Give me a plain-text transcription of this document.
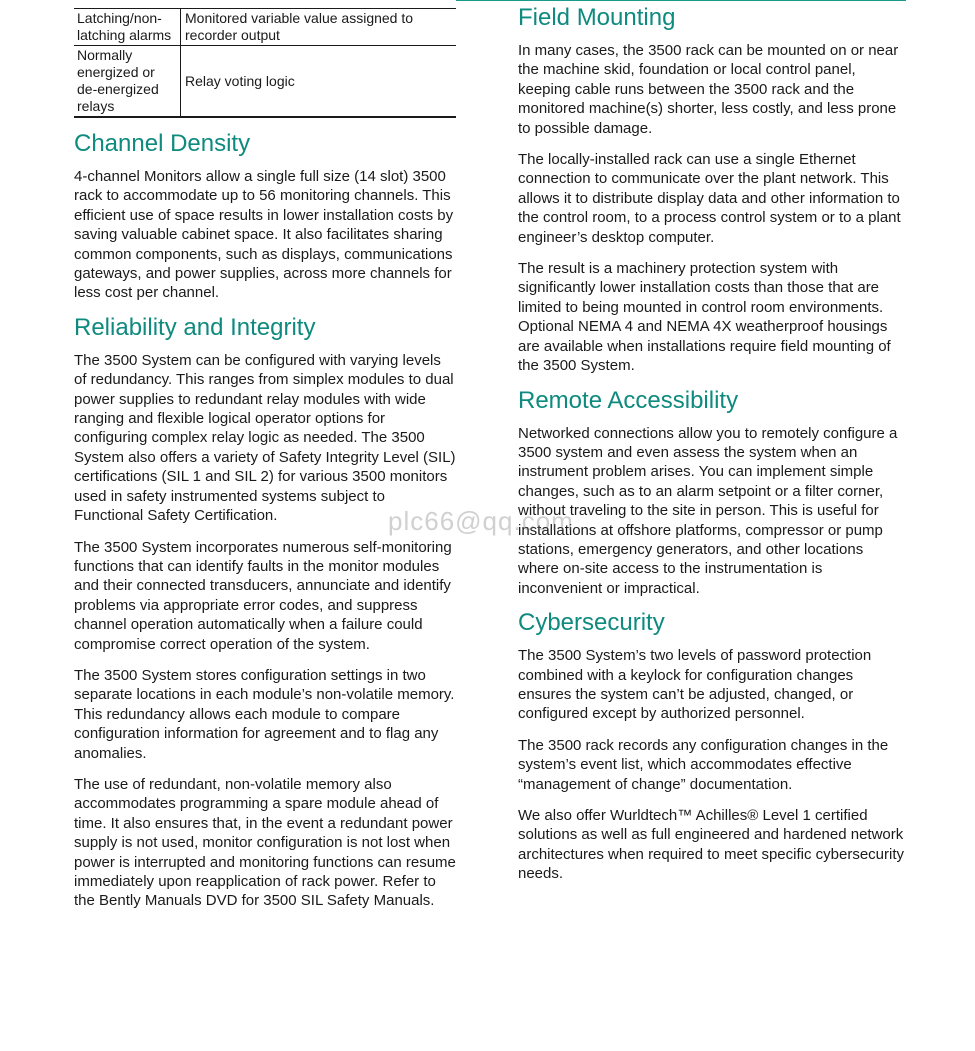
Latching/non-latching alarms	Monitored variable value assigned to recorder output
Normally energized or de-energized relays	Relay voting logic
Channel Density

4-channel Monitors allow a single full size (14 slot) 3500 rack to accommodate up to 56 monitoring channels. This efficient use of space results in lower installation costs by saving valuable cabinet space. It also facilitates sharing common components, such as displays, communications gateways, and power supplies, across more channels for less cost per channel.

Reliability and Integrity

The 3500 System can be configured with varying levels of redundancy. This ranges from simplex modules to dual power supplies to redundant relay modules with wide ranging and flexible logical operator options for configuring complex relay logic as needed. The 3500 System also offers a variety of Safety Integrity Level (SIL) certifications (SIL 1 and SIL 2) for various 3500 monitors used in safety instrumented systems subject to Functional Safety Certification.

The 3500 System incorporates numerous self-monitoring functions that can identify faults in the monitor modules and their connected transducers, annunciate and identify problems via appropriate error codes, and suppress channel operation automatically when a failure could compromise correct operation of the system.

The 3500 System stores configuration settings in two separate locations in each module’s non-volatile memory. This redundancy allows each module to compare configuration information for agreement and to flag any anomalies.

The use of redundant, non-volatile memory also accommodates programming a spare module ahead of time. It also ensures that, in the event a redundant power supply is not used, monitor configuration is not lost when power is interrupted and monitoring functions can resume immediately upon reapplication of rack power. Refer to the Bently Manuals DVD for 3500 SIL Safety Manuals.

Field Mounting

In many cases, the 3500 rack can be mounted on or near the machine skid, foundation or local control panel, keeping cable runs between the 3500 rack and the monitored machine(s) shorter, less costly, and less prone to possible damage.

The locally-installed rack can use a single Ethernet connection to communicate over the plant network. This allows it to distribute display data and other information to the control room, to a process control system or to a plant engineer’s desktop computer.

The result is a machinery protection system with significantly lower installation costs than those that are limited to being mounted in control room environments. Optional NEMA 4 and NEMA 4X weatherproof housings are available when installations require field mounting of the 3500 System.

Remote Accessibility

Networked connections allow you to remotely configure a 3500 system and even assess the system when an instrument problem arises. You can implement simple changes, such as to an alarm setpoint or a filter corner, without traveling to the site in person. This is useful for installations at offshore platforms, compressor or pump stations, emergency generators, and other locations where on-site access to the instrumentation is inconvenient or impractical.

Cybersecurity

The 3500 System’s two levels of password protection combined with a keylock for configuration changes ensures the system can’t be adjusted, changed, or configured except by authorized personnel.

The 3500 rack records any configuration changes in the system’s event list, which accommodates effective “management of change” documentation.

We also offer Wurldtech™ Achilles® Level 1 certified solutions as well as full engineered and hardened network architectures when required to meet specific cybersecurity needs.

plc66@qq.com
